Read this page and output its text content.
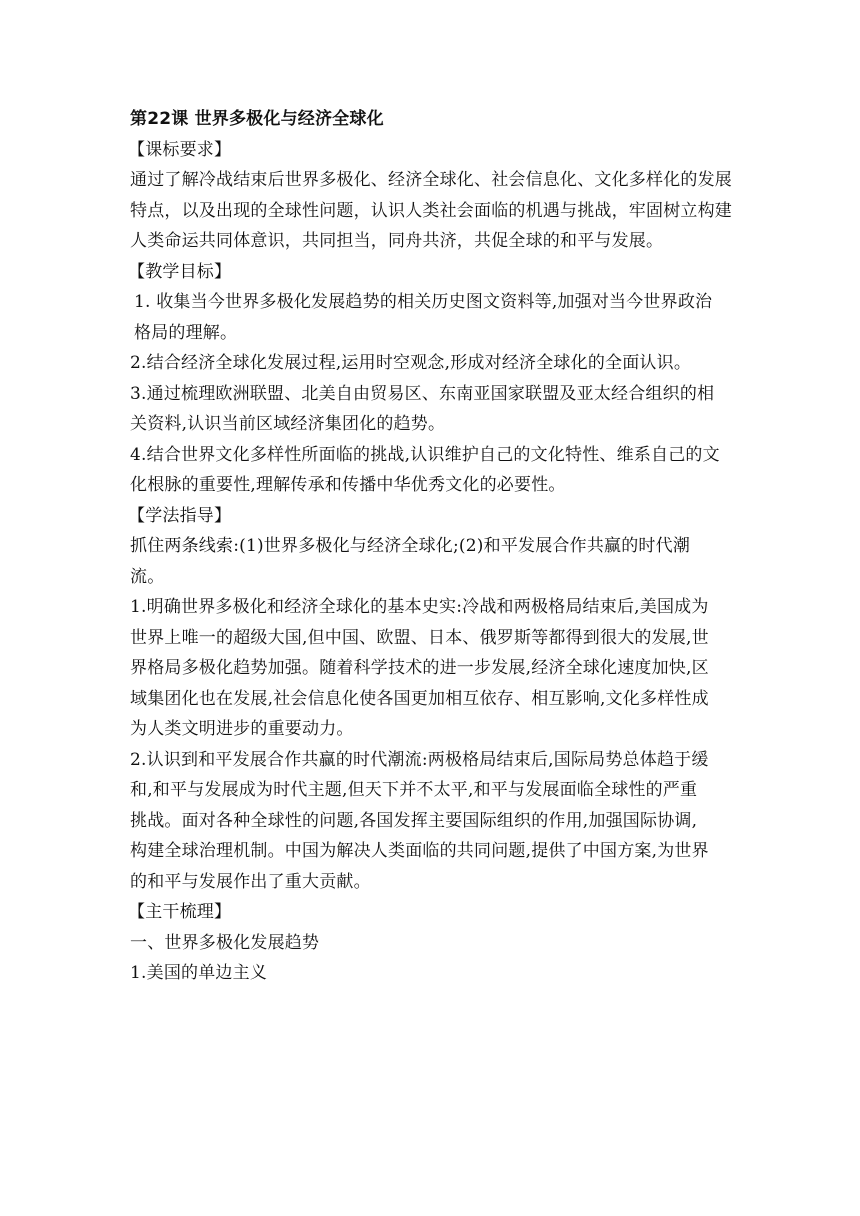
第22课 世界多极化与经济全球化
【课标要求】
通过了解冷战结束后世界多极化、经济全球化、社会信息化、文化多样化的发展
特点，以及出现的全球性问题，认识人类社会面临的机遇与挑战，牢固树立构建
人类命运共同体意识，共同担当，同舟共济，共促全球的和平与发展。
【教学目标】
1. 收集当今世界多极化发展趋势的相关历史图文资料等,加强对当今世界政治
格局的理解。
2.结合经济全球化发展过程,运用时空观念,形成对经济全球化的全面认识。
3.通过梳理欧洲联盟、北美自由贸易区、东南亚国家联盟及亚太经合组织的相
关资料,认识当前区域经济集团化的趋势。
4.结合世界文化多样性所面临的挑战,认识维护自己的文化特性、维系自己的文
化根脉的重要性,理解传承和传播中华优秀文化的必要性。
【学法指导】
抓住两条线索:(1)世界多极化与经济全球化;(2)和平发展合作共赢的时代潮
流。
1.明确世界多极化和经济全球化的基本史实:冷战和两极格局结束后,美国成为
世界上唯一的超级大国,但中国、欧盟、日本、俄罗斯等都得到很大的发展,世
界格局多极化趋势加强。随着科学技术的进一步发展,经济全球化速度加快,区
域集团化也在发展,社会信息化使各国更加相互依存、相互影响,文化多样性成
为人类文明进步的重要动力。
2.认识到和平发展合作共赢的时代潮流:两极格局结束后,国际局势总体趋于缓
和,和平与发展成为时代主题,但天下并不太平,和平与发展面临全球性的严重
挑战。面对各种全球性的问题,各国发挥主要国际组织的作用,加强国际协调,
构建全球治理机制。中国为解决人类面临的共同问题,提供了中国方案,为世界
的和平与发展作出了重大贡献。
【主干梳理】
一、世界多极化发展趋势
1.美国的单边主义
